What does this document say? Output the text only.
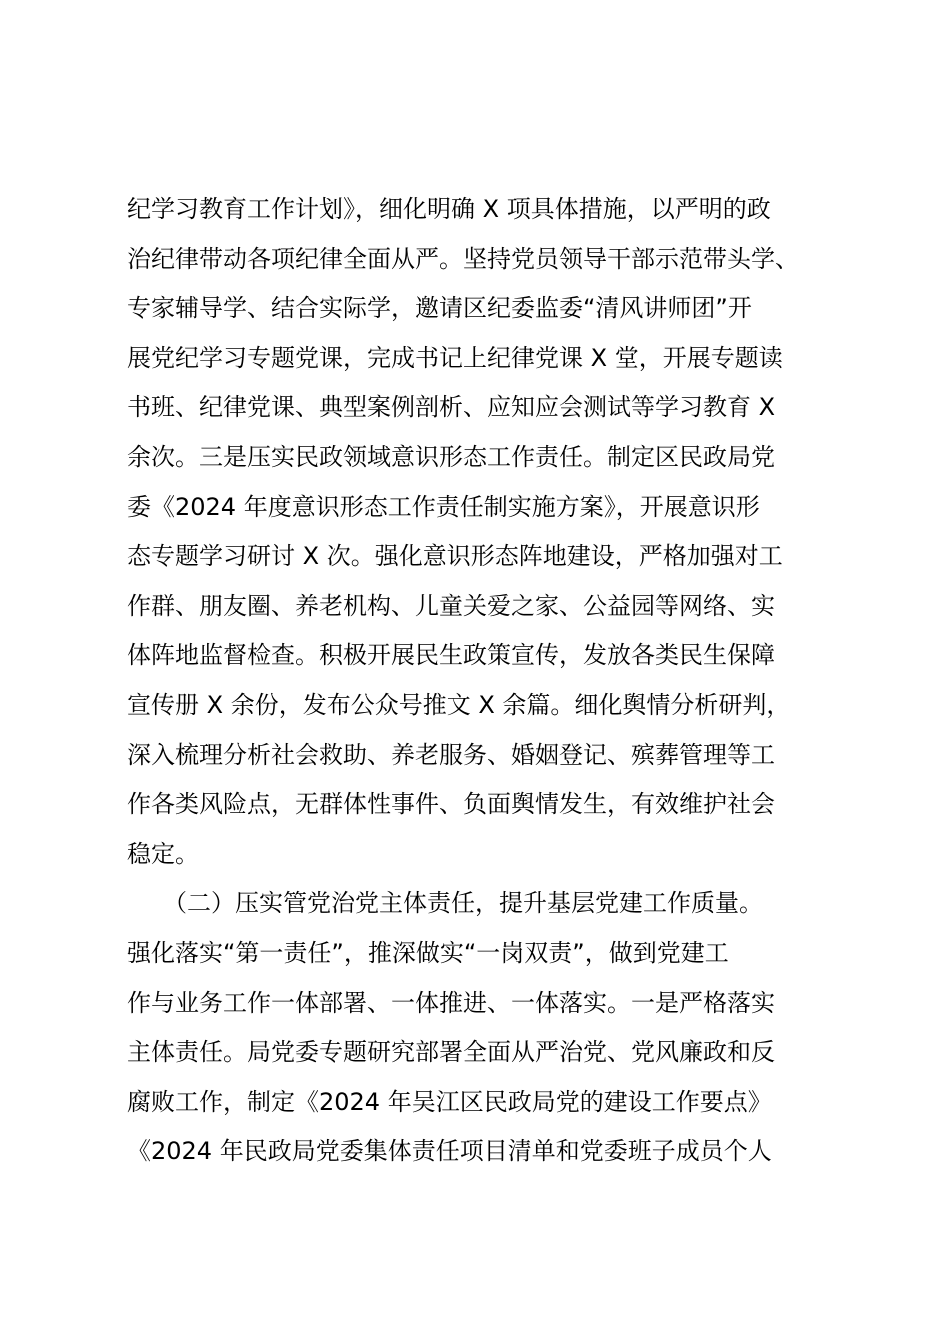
纪学习教育工作计划》，细化明确 X 项具体措施，以严明的政
治纪律带动各项纪律全面从严。坚持党员领导干部示范带头学、
专家辅导学、结合实际学，邀请区纪委监委“清风讲师团”开
展党纪学习专题党课，完成书记上纪律党课 X 堂，开展专题读
书班、纪律党课、典型案例剖析、应知应会测试等学习教育 X
余次。三是压实民政领域意识形态工作责任。制定区民政局党
委《2024 年度意识形态工作责任制实施方案》，开展意识形
态专题学习研讨 X 次。强化意识形态阵地建设，严格加强对工
作群、朋友圈、养老机构、儿童关爱之家、公益园等网络、实
体阵地监督检查。积极开展民生政策宣传，发放各类民生保障
宣传册 X 余份，发布公众号推文 X 余篇。细化舆情分析研判，
深入梳理分析社会救助、养老服务、婚姻登记、殡葬管理等工
作各类风险点，无群体性事件、负面舆情发生，有效维护社会
稳定。
（二）压实管党治党主体责任，提升基层党建工作质量。
强化落实“第一责任”，推深做实“一岗双责”，做到党建工
作与业务工作一体部署、一体推进、一体落实。一是严格落实
主体责任。局党委专题研究部署全面从严治党、党风廉政和反
腐败工作，制定《2024 年吴江区民政局党的建设工作要点》
《2024 年民政局党委集体责任项目清单和党委班子成员个人
